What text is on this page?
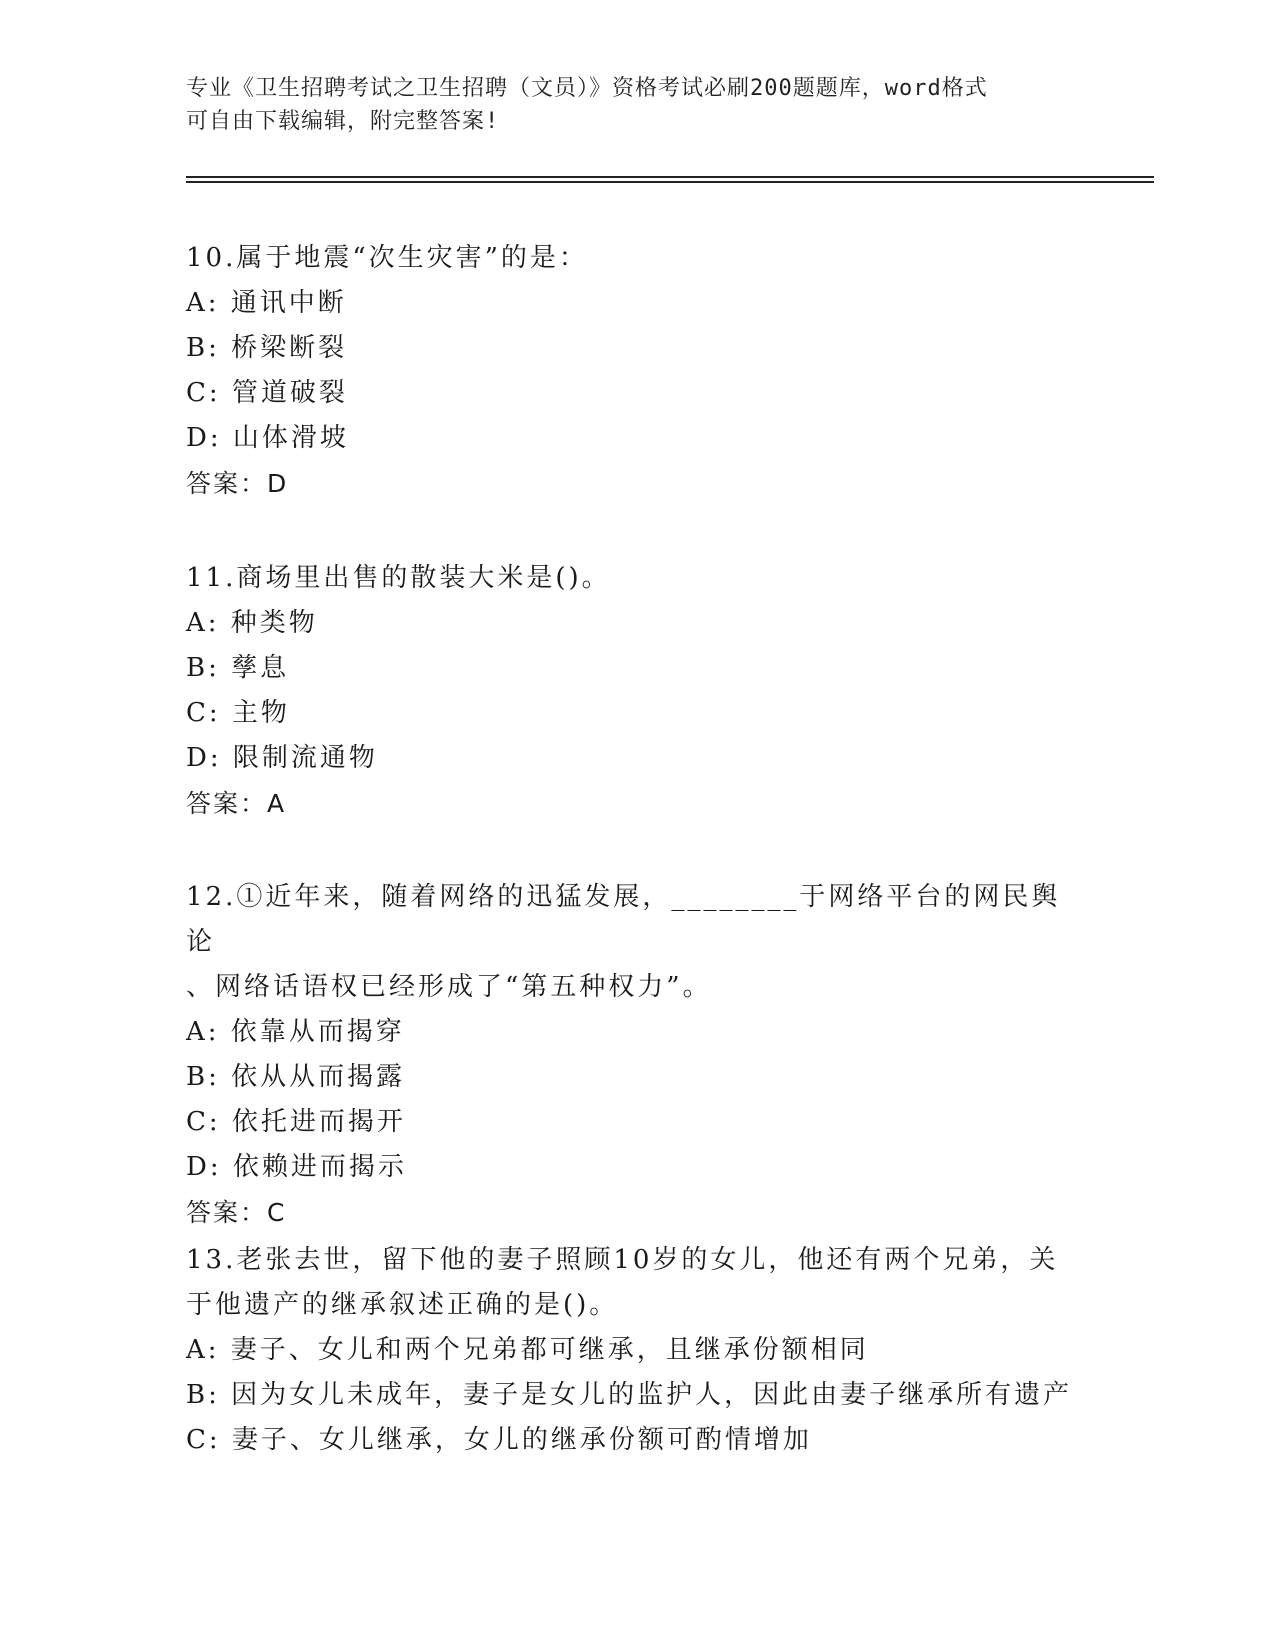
专业《卫生招聘考试之卫生招聘（文员）》资格考试必刷200题题库，word格式
可自由下载编辑，附完整答案!

10.属于地震“次生灾害”的是：

A: 通讯中断

B: 桥梁断裂

C: 管道破裂

D: 山体滑坡

答案：D

11.商场里出售的散装大米是()。

A: 种类物

B: 孳息

C: 主物

D: 限制流通物

答案：A

12.①近年来，随着网络的迅猛发展，________于网络平台的网民舆论

、网络话语权已经形成了“第五种权力”。

A: 依靠从而揭穿

B: 依从从而揭露

C: 依托进而揭开

D: 依赖进而揭示

答案：C

13.老张去世，留下他的妻子照顾10岁的女儿，他还有两个兄弟，关

于他遗产的继承叙述正确的是()。

A: 妻子、女儿和两个兄弟都可继承，且继承份额相同

B: 因为女儿未成年，妻子是女儿的监护人，因此由妻子继承所有遗产

C: 妻子、女儿继承，女儿的继承份额可酌情增加
